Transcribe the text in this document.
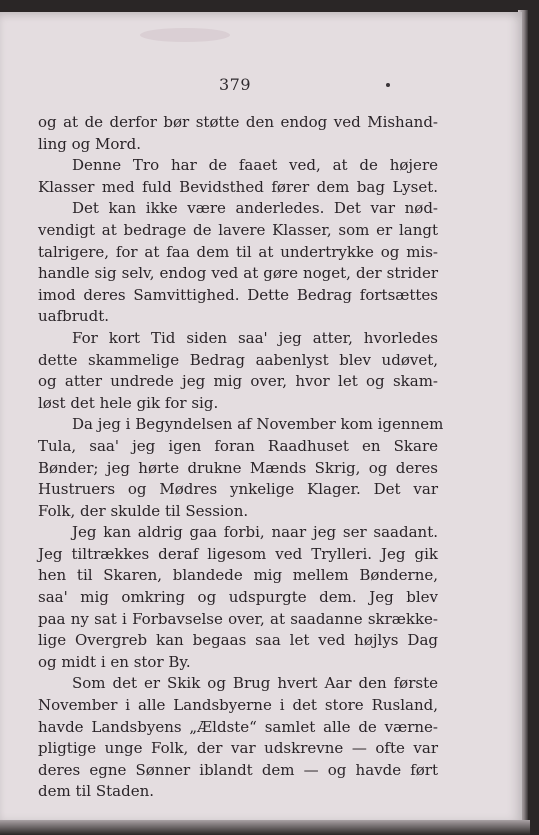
379
og at de derfor bør støtte den endog ved Mishand-
ling og Mord.
Denne Tro har de faaet ved, at de højere
Klasser med fuld Bevidsthed fører dem bag Lyset.
Det kan ikke være anderledes. Det var nød-
vendigt at bedrage de lavere Klasser, som er langt
talrigere, for at faa dem til at undertrykke og mis-
handle sig selv, endog ved at gøre noget, der strider
imod deres Samvittighed. Dette Bedrag fortsættes
uafbrudt.
For kort Tid siden saa' jeg atter, hvorledes
dette skammelige Bedrag aabenlyst blev udøvet,
og atter undrede jeg mig over, hvor let og skam-
løst det hele gik for sig.
Da jeg i Begyndelsen af November kom igennem
Tula, saa' jeg igen foran Raadhuset en Skare
Bønder; jeg hørte drukne Mænds Skrig, og deres
Hustruers og Mødres ynkelige Klager. Det var
Folk, der skulde til Session.
Jeg kan aldrig gaa forbi, naar jeg ser saadant.
Jeg tiltrækkes deraf ligesom ved Trylleri. Jeg gik
hen til Skaren, blandede mig mellem Bønderne,
saa' mig omkring og udspurgte dem. Jeg blev
paa ny sat i Forbavselse over, at saadanne skrække-
lige Overgreb kan begaas saa let ved højlys Dag
og midt i en stor By.
Som det er Skik og Brug hvert Aar den første
November i alle Landsbyerne i det store Rusland,
havde Landsbyens „Ældste“ samlet alle de værne-
pligtige unge Folk, der var udskrevne — ofte var
deres egne Sønner iblandt dem — og havde ført
dem til Staden.
